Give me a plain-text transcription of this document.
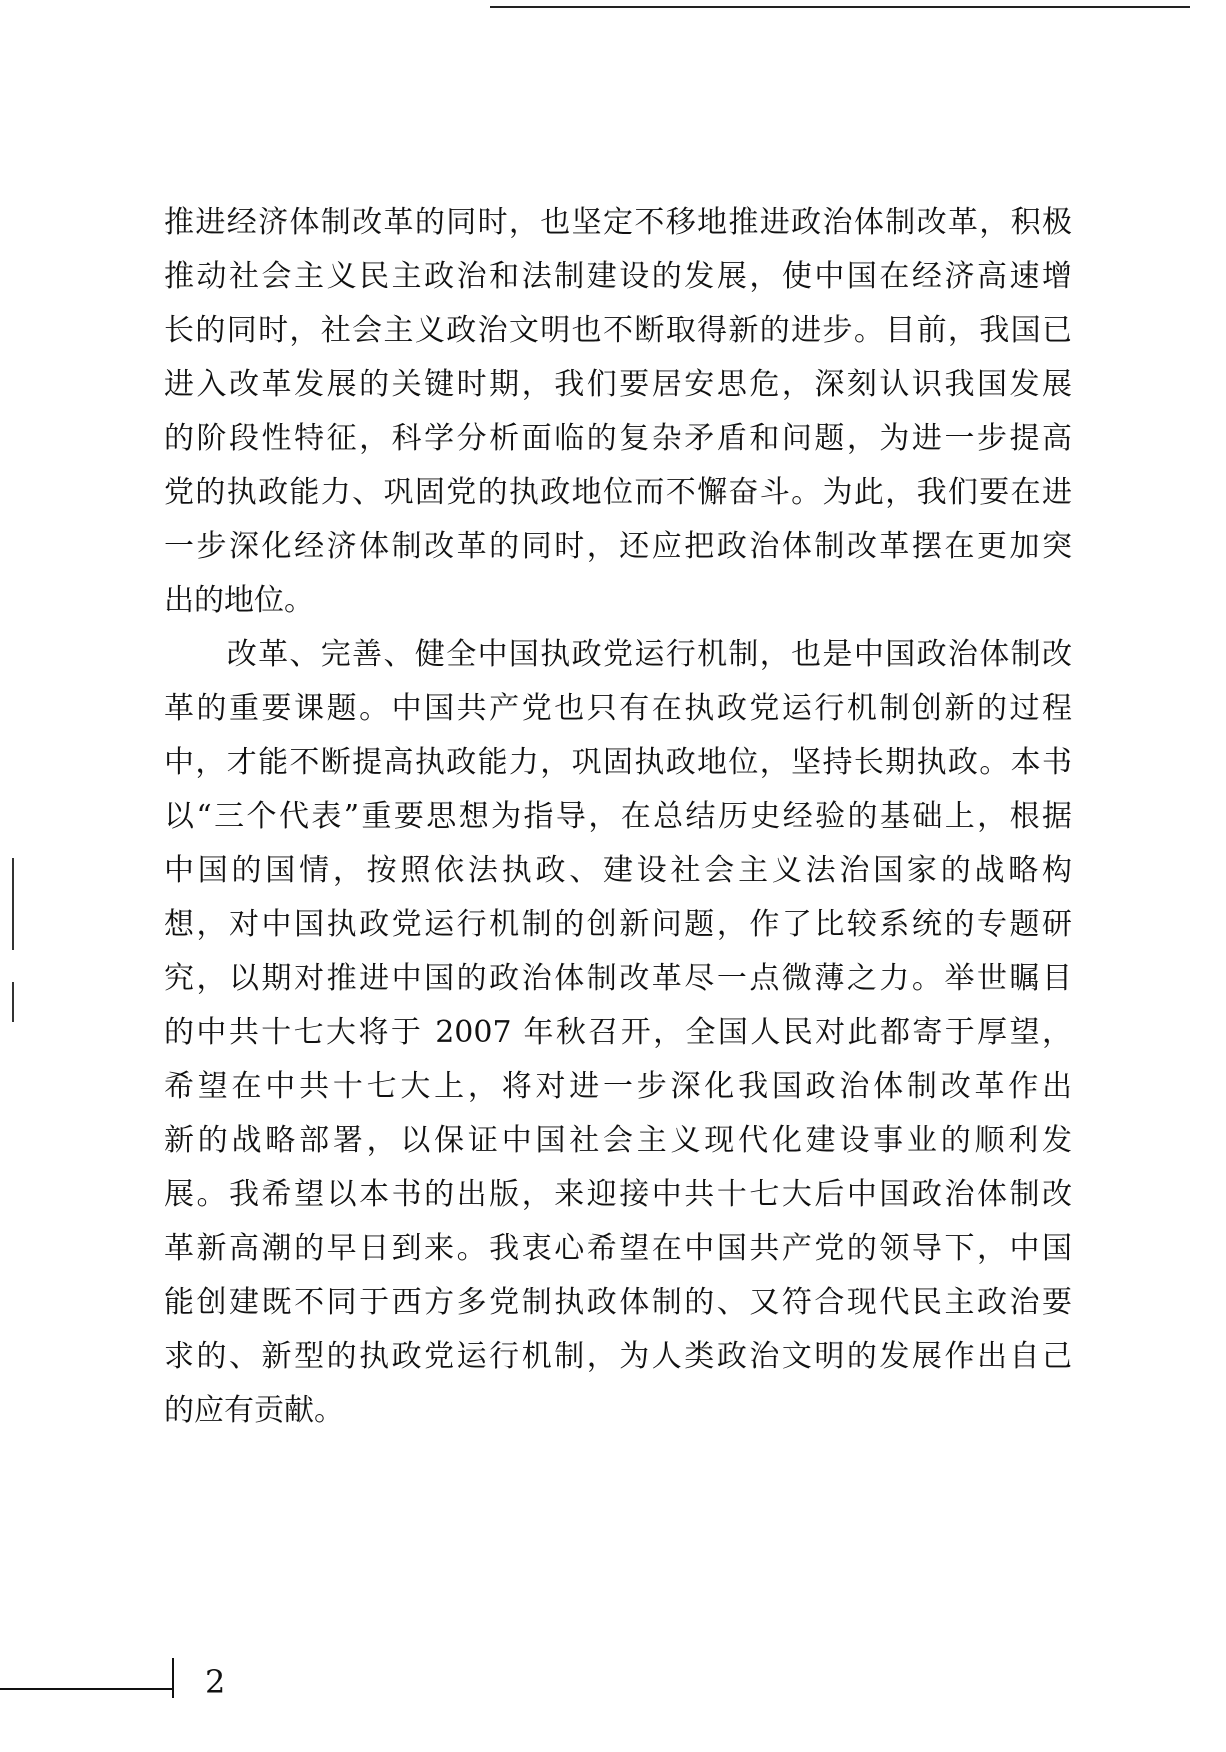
推进经济体制改革的同时，也坚定不移地推进政治体制改革，积极
推动社会主义民主政治和法制建设的发展，使中国在经济高速增
长的同时，社会主义政治文明也不断取得新的进步。目前，我国已
进入改革发展的关键时期，我们要居安思危，深刻认识我国发展
的阶段性特征，科学分析面临的复杂矛盾和问题，为进一步提高
党的执政能力、巩固党的执政地位而不懈奋斗。为此，我们要在进
一步深化经济体制改革的同时，还应把政治体制改革摆在更加突
出的地位。
　　改革、完善、健全中国执政党运行机制，也是中国政治体制改
革的重要课题。中国共产党也只有在执政党运行机制创新的过程
中，才能不断提高执政能力，巩固执政地位，坚持长期执政。本书
以“三个代表”重要思想为指导，在总结历史经验的基础上，根据
中国的国情，按照依法执政、建设社会主义法治国家的战略构
想，对中国执政党运行机制的创新问题，作了比较系统的专题研
究，以期对推进中国的政治体制改革尽一点微薄之力。举世瞩目
的中共十七大将于 2007 年秋召开，全国人民对此都寄于厚望，
希望在中共十七大上，将对进一步深化我国政治体制改革作出
新的战略部署，以保证中国社会主义现代化建设事业的顺利发
展。我希望以本书的出版，来迎接中共十七大后中国政治体制改
革新高潮的早日到来。我衷心希望在中国共产党的领导下，中国
能创建既不同于西方多党制执政体制的、又符合现代民主政治要
求的、新型的执政党运行机制，为人类政治文明的发展作出自己
的应有贡献。
2
